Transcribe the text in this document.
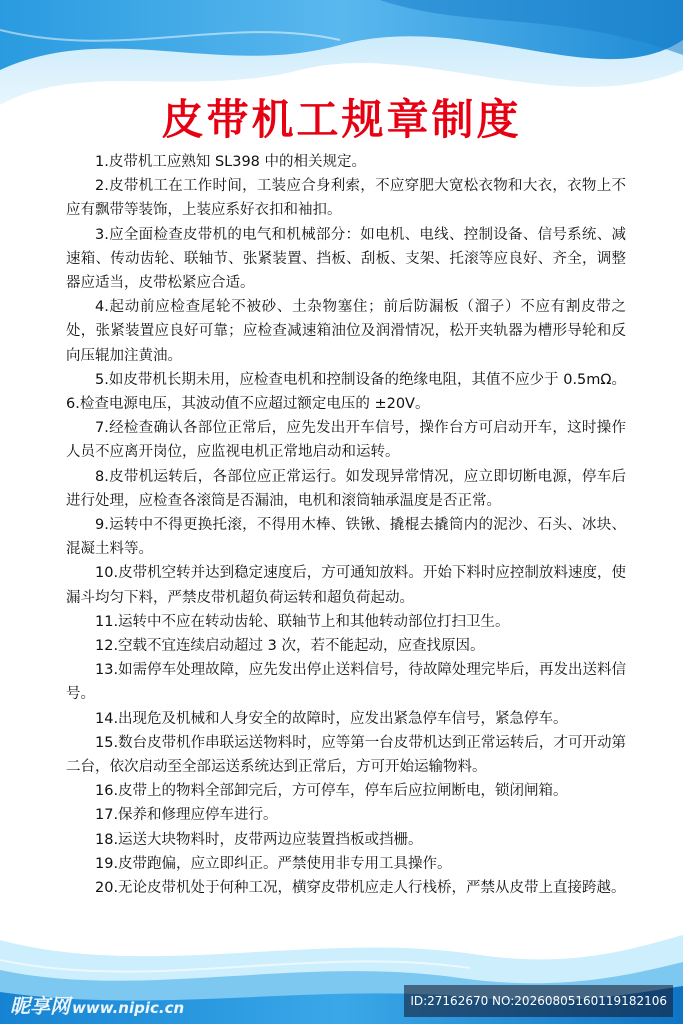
皮带机工规章制度

1.皮带机工应熟知 SL398 中的相关规定。

2.皮带机工在工作时间，工装应合身利索，不应穿肥大宽松衣物和大衣，衣物上不应有飘带等装饰，上装应系好衣扣和袖扣。

3.应全面检查皮带机的电气和机械部分：如电机、电线、控制设备、信号系统、减速箱、传动齿轮、联轴节、张紧装置、挡板、刮板、支架、托滚等应良好、齐全，调整器应适当，皮带松紧应合适。

4.起动前应检查尾轮不被砂、土杂物塞住；前后防漏板（溜子）不应有割皮带之处，张紧装置应良好可靠；应检查减速箱油位及润滑情况，松开夹轨器为槽形导轮和反向压辊加注黄油。

5.如皮带机长期未用，应检查电机和控制设备的绝缘电阻，其值不应少于 0.5mΩ。6.检查电源电压，其波动值不应超过额定电压的 ±20V。

7.经检查确认各部位正常后，应先发出开车信号，操作台方可启动开车，这时操作人员不应离开岗位，应监视电机正常地启动和运转。

8.皮带机运转后，各部位应正常运行。如发现异常情况，应立即切断电源，停车后进行处理，应检查各滚筒是否漏油，电机和滚筒轴承温度是否正常。

9.运转中不得更换托滚，不得用木棒、铁锹、撬棍去撬筒内的泥沙、石头、冰块、混凝土料等。

10.皮带机空转并达到稳定速度后，方可通知放料。开始下料时应控制放料速度，使漏斗均匀下料，严禁皮带机超负荷运转和超负荷起动。

11.运转中不应在转动齿轮、联轴节上和其他转动部位打扫卫生。

12.空载不宜连续启动超过 3 次，若不能起动，应查找原因。

13.如需停车处理故障，应先发出停止送料信号，待故障处理完毕后，再发出送料信号。

14.出现危及机械和人身安全的故障时，应发出紧急停车信号，紧急停车。

15.数台皮带机作串联运送物料时，应等第一台皮带机达到正常运转后，才可开动第二台，依次启动至全部运送系统达到正常后，方可开始运输物料。

16.皮带上的物料全部卸完后，方可停车，停车后应拉闸断电，锁闭闸箱。

17.保养和修理应停车进行。

18.运送大块物料时，皮带两边应装置挡板或挡栅。

19.皮带跑偏，应立即纠正。严禁使用非专用工具操作。

20.无论皮带机处于何种工况，横穿皮带机应走人行栈桥，严禁从皮带上直接跨越。

昵享网 www.nipic.cn	ID:27162670 NO:20260805160119182106
